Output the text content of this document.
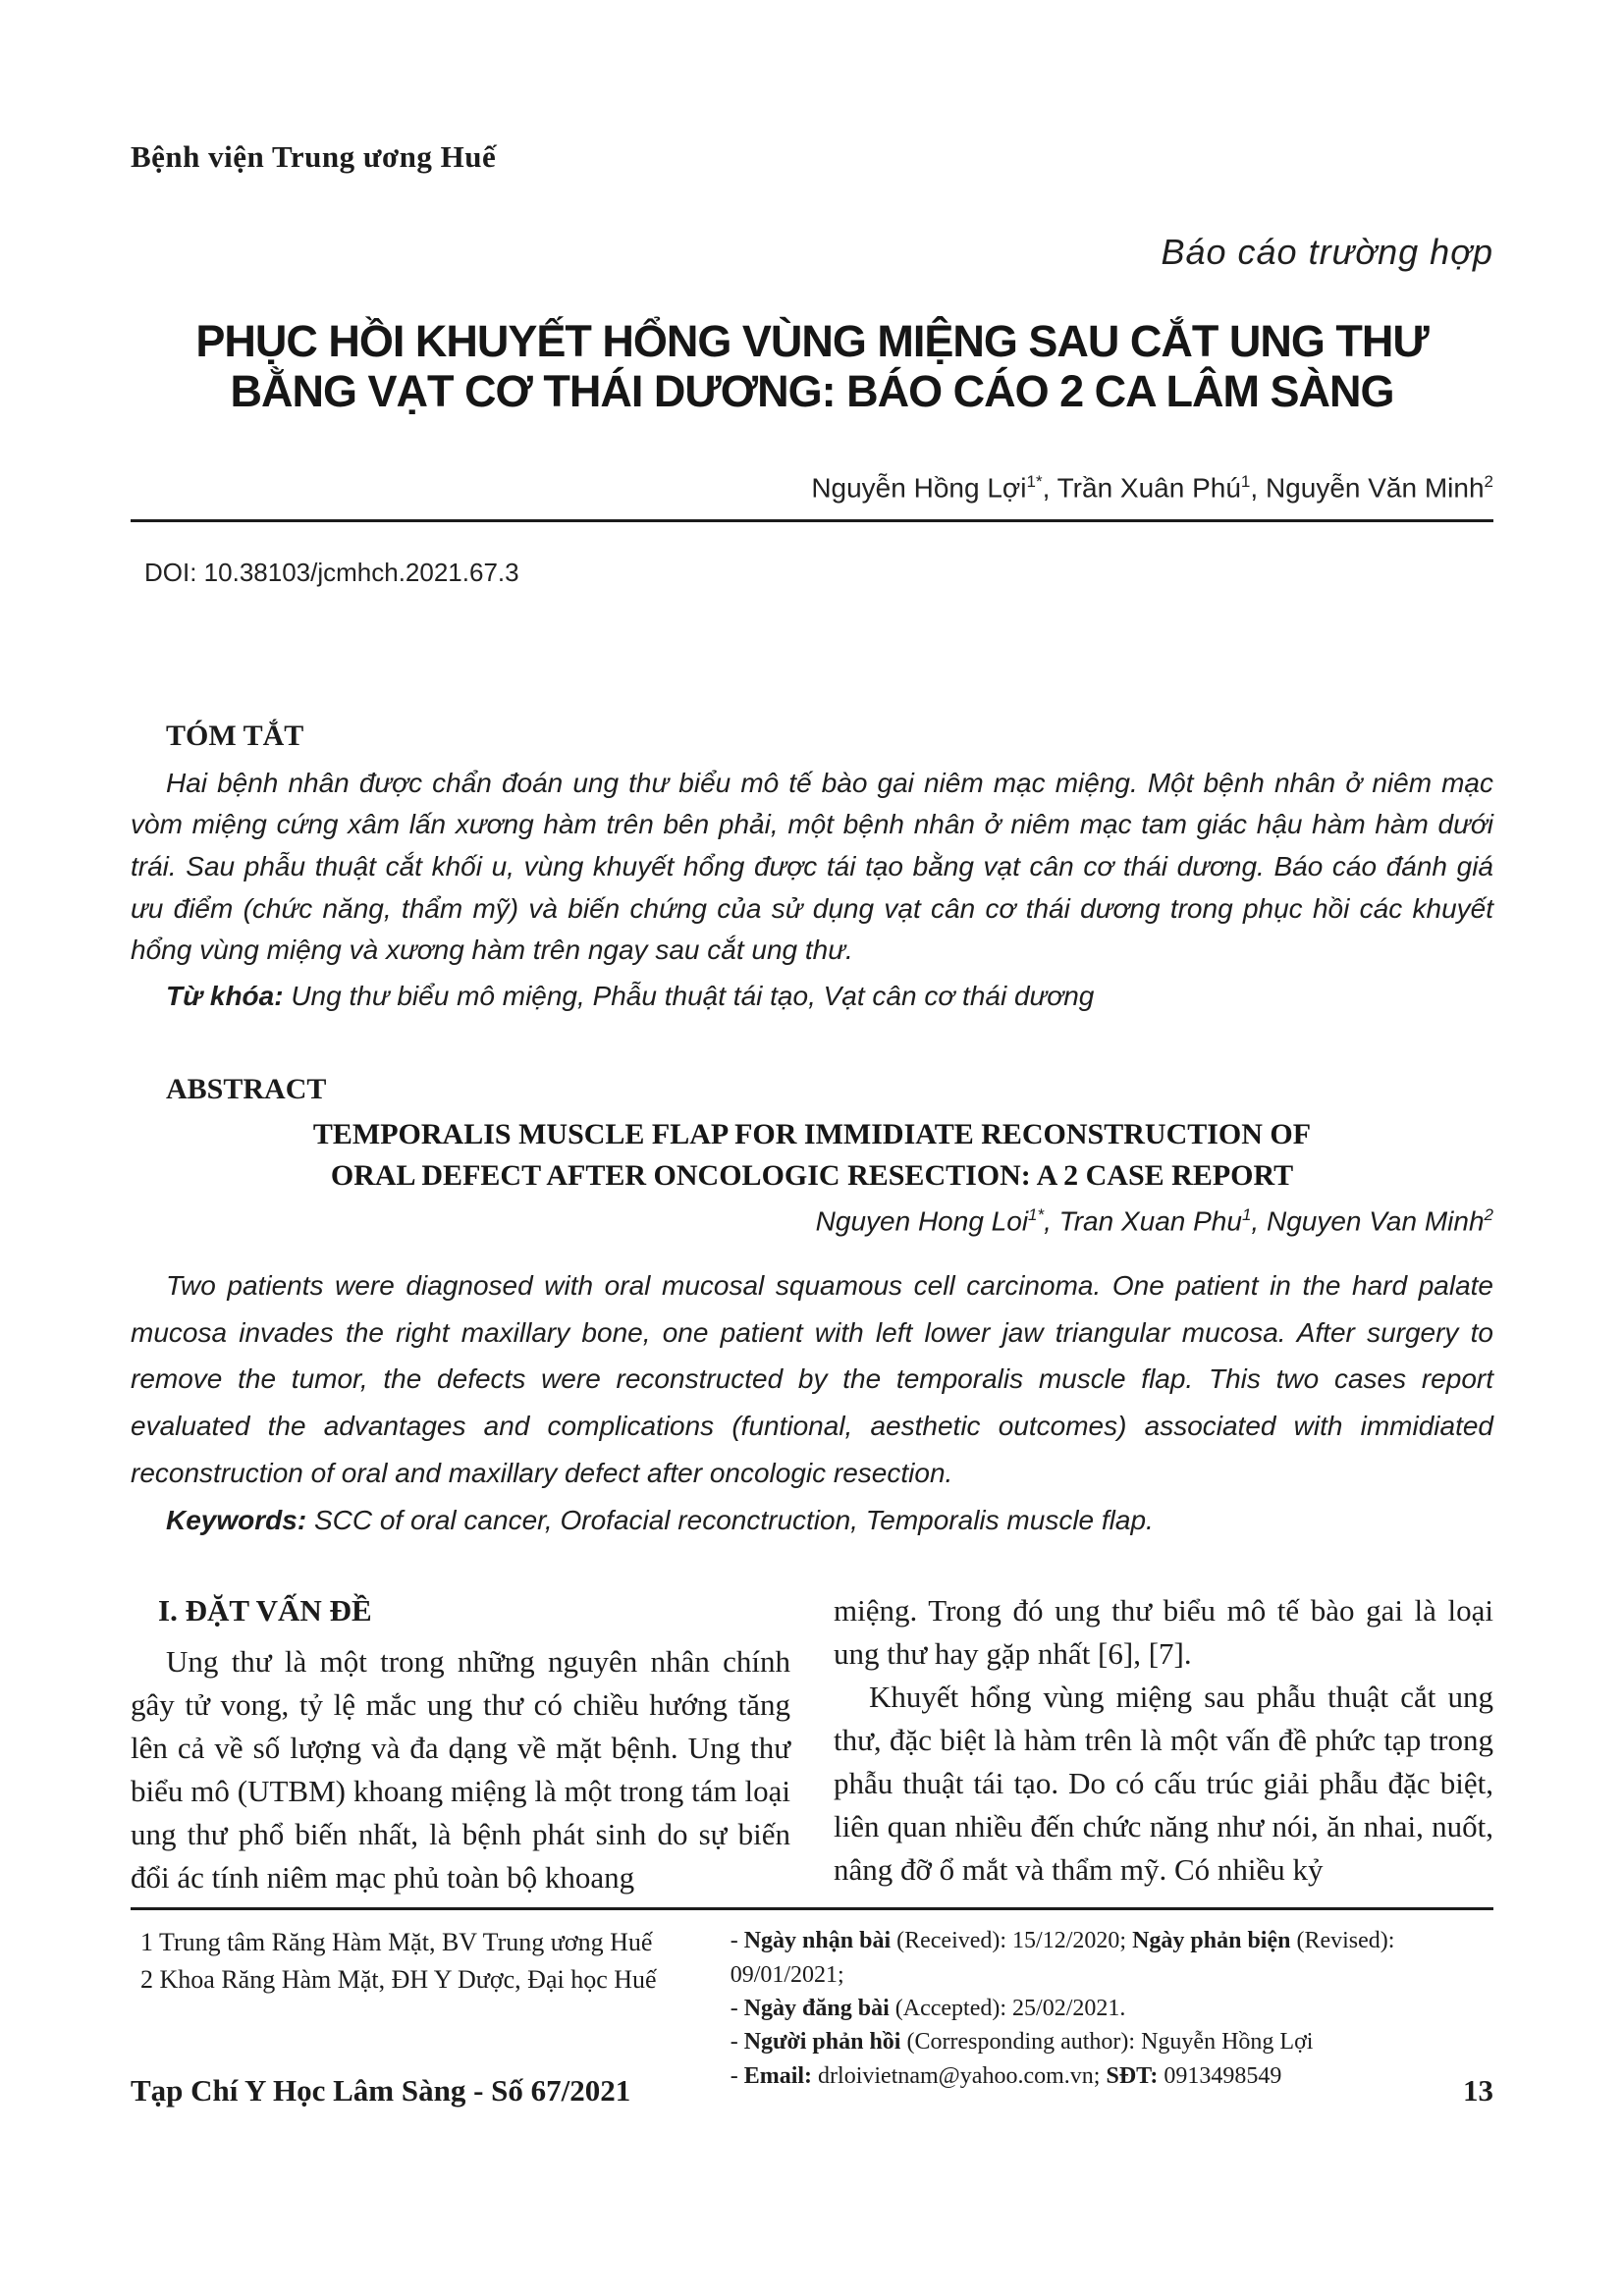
Bệnh viện Trung ương Huế
Báo cáo trường hợp
PHỤC HỒI KHUYẾT HỔNG VÙNG MIỆNG SAU CẮT UNG THƯ
BẰNG VẠT CƠ THÁI DƯƠNG: BÁO CÁO 2 CA LÂM SÀNG
Nguyễn Hồng Lợi$^{1*}$, Trần Xuân Phú$^1$, Nguyễn Văn Minh$^2$
DOI: 10.38103/jcmhch.2021.67.3
TÓM TẮT

Hai bệnh nhân được chẩn đoán ung thư biểu mô tế bào gai niêm mạc miệng. Một bệnh nhân ở niêm mạc vòm miệng cứng xâm lấn xương hàm trên bên phải, một bệnh nhân ở niêm mạc tam giác hậu hàm hàm dưới trái. Sau phẫu thuật cắt khối u, vùng khuyết hổng được tái tạo bằng vạt cân cơ thái dương. Báo cáo đánh giá ưu điểm (chức năng, thẩm mỹ) và biến chứng của sử dụng vạt cân cơ thái dương trong phục hồi các khuyết hổng vùng miệng và xương hàm trên ngay sau cắt ung thư.

Từ khóa: Ung thư biểu mô miệng, Phẫu thuật tái tạo, Vạt cân cơ thái dương
ABSTRACT
TEMPORALIS MUSCLE FLAP FOR IMMIDIATE RECONSTRUCTION OF
ORAL DEFECT AFTER ONCOLOGIC RESECTION: A 2 CASE REPORT
Nguyen Hong Loi$^{1*}$, Tran Xuan Phu$^1$, Nguyen Van Minh$^2$

Two patients were diagnosed with oral mucosal squamous cell carcinoma. One patient in the hard palate mucosa invades the right maxillary bone, one patient with left lower jaw triangular mucosa. After surgery to remove the tumor, the defects were reconstructed by the temporalis muscle flap. This two cases report evaluated the advantages and complications (funtional, aesthetic outcomes) associated with immidiated reconstruction of oral and maxillary defect after oncologic resection.

Keywords: SCC of oral cancer, Orofacial reconctruction, Temporalis muscle flap.
I. ĐẶT VẤN ĐỀ

Ung thư là một trong những nguyên nhân chính gây tử vong, tỷ lệ mắc ung thư có chiều hướng tăng lên cả về số lượng và đa dạng về mặt bệnh. Ung thư biểu mô (UTBM) khoang miệng là một trong tám loại ung thư phổ biến nhất, là bệnh phát sinh do sự biến đổi ác tính niêm mạc phủ toàn bộ khoang

miệng. Trong đó ung thư biểu mô tế bào gai là loại ung thư hay gặp nhất [6], [7].

Khuyết hổng vùng miệng sau phẫu thuật cắt ung thư, đặc biệt là hàm trên là một vấn đề phức tạp trong phẫu thuật tái tạo. Do có cấu trúc giải phẫu đặc biệt, liên quan nhiều đến chức năng như nói, ăn nhai, nuốt, nâng đỡ ổ mắt và thẩm mỹ. Có nhiều kỷ

1 Trung tâm Răng Hàm Mặt, BV Trung ương Huế
2 Khoa Răng Hàm Mặt, ĐH Y Dược, Đại học Huế
- Ngày nhận bài (Received): 15/12/2020; Ngày phản biện (Revised): 09/01/2021;
- Ngày đăng bài (Accepted): 25/02/2021.
- Người phản hồi (Corresponding author): Nguyễn Hồng Lợi
- Email: drloivietnam@yahoo.com.vn; SĐT: 0913498549
Tạp Chí Y Học Lâm Sàng - Số 67/2021	13
